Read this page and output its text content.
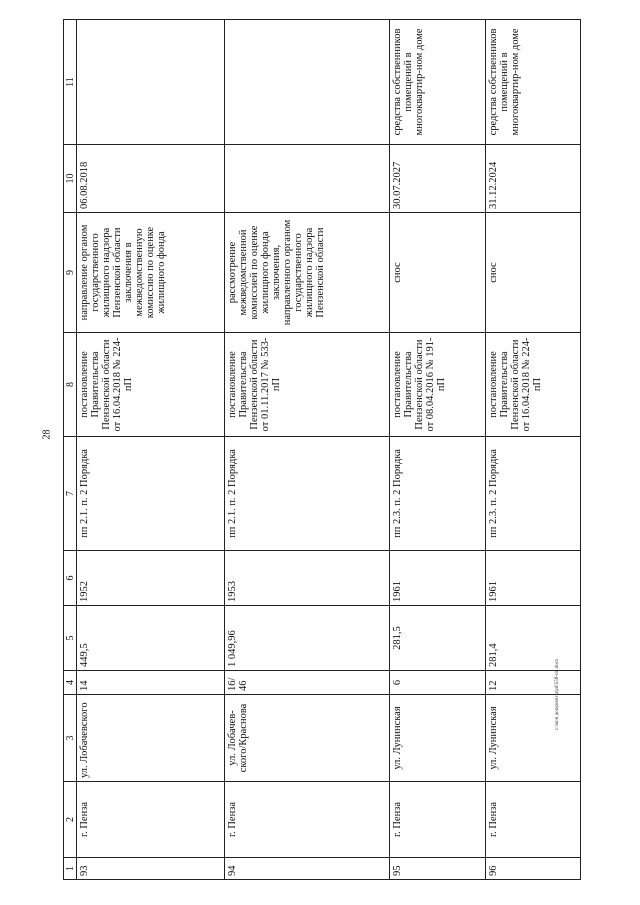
28
1	2	3	4	5	6	7	8	9	10	11
93	г. Пенза	ул. Лобачевского	14	449,5	1952	пп 2.1. п. 2 Порядка	постановление Правительства Пензенской области от 16.04.2018 № 224-пП	направление органом государственного жилищного надзора Пензенской области заключения в межведомственную комиссию по оценке жилищного фонда	06.08.2018	
94	г. Пенза	ул. Лобачев-ского/Краснова	16/ 46	1 049,96	1953	пп 2.1. п. 2 Порядка	постановление Правительства Пензенской области от 01.11.2017 № 533-пП	рассмотрение межведомственной комиссией по оценке жилищного фонда заключения, направленного органом государственного жилищного надзора Пензенской области		
95	г. Пенза	ул. Лунинская	6	281,5	1961	пп 2.3. п. 2 Порядка	постановление Правительства Пензенской области от 08.04.2016 № 191-пП	снос	30.07.2027	средства собственников помещений в многоквартир-ном доме
96	г. Пенза	ул. Лунинская	12	281,4	1961	пп 2.3. п. 2 Порядка	постановление Правительства Пензенской области от 16.04.2018 № 224-пП	снос	31.12.2024	средства собственников помещений в многоквартир-ном доме
c:\мои документы\pd\558-пп.docx
